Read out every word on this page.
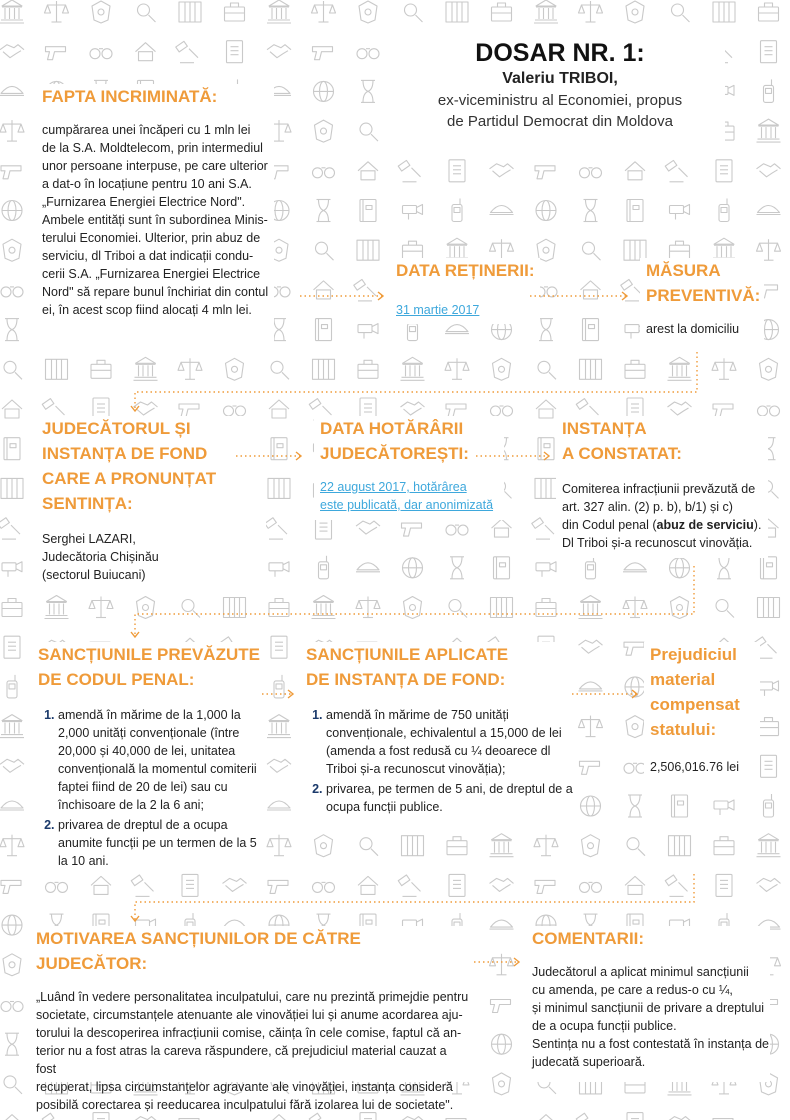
DOSAR NR. 1:
Valeriu TRIBOI,
ex-viceministru al Economiei, propus
de Partidul Democrat din Moldova
FAPTA INCRIMINATĂ:
cumpărarea unei încăperi cu 1 mln lei
de la S.A. Moldtelecom, prin intermediul
unor persoane interpuse, pe care ulterior
a dat-o în locațiune pentru 10 ani S.A.
„Furnizarea Energiei Electrice Nord".
Ambele entități sunt în subordinea Minis-
terului Economiei. Ulterior, prin abuz de
serviciu, dl Triboi a dat indicații condu-
cerii S.A. „Furnizarea Energiei Electrice
Nord" să repare bunul închiriat din contul
ei, în acest scop fiind alocați 4 mln lei.
DATA REȚINERII:
31 martie 2017
MĂSURA
PREVENTIVĂ:
arest la domiciliu
JUDECĂTORUL ȘI
INSTANȚA DE FOND
CARE A PRONUNȚAT
SENTINȚA:
Serghei LAZARI,
Judecătoria Chișinău
(sectorul Buiucani)
DATA HOTĂRÂRII
JUDECĂTOREȘTI:
22 august 2017, hotărârea
este publicată, dar anonimizată
INSTANȚA
A CONSTATAT:
Comiterea infracțiunii prevăzută de
art. 327 alin. (2) p. b), b/1) și c)
din Codul penal (abuz de serviciu).
Dl Triboi și-a recunoscut vinovăția.
SANCȚIUNILE PREVĂZUTE
DE CODUL PENAL:
1. amendă în mărime de la 1,000 la 2,000 unități convenționale (între 20,000 și 40,000 de lei, unitatea convențională la momentul comiterii faptei fiind de 20 de lei) sau cu închisoare de la 2 la 6 ani;
2. privarea de dreptul de a ocupa anumite funcții pe un termen de la 5 la 10 ani.
SANCȚIUNILE APLICATE
DE INSTANȚA DE FOND:
1. amendă în mărime de 750 unități convenționale, echivalentul a 15,000 de lei (amenda a fost redusă cu ¼ deoarece dl Triboi și-a recunoscut vinovăția);
2. privarea, pe termen de 5 ani, de dreptul de a ocupa funcții publice.
Prejudiciul
material
compensat
statului:
2,506,016.76 lei
MOTIVAREA SANCȚIUNILOR DE CĂTRE JUDECĂTOR:
„Luând în vedere personalitatea inculpatului, care nu prezintă primejdie pentru
societate, circumstanțele atenuante ale vinovăției lui și anume acordarea aju-
torului la descoperirea infracțiunii comise, căința în cele comise, faptul că an-
terior nu a fost atras la careva răspundere, că prejudiciul material cauzat a fost
recuperat, lipsa circumstanțelor agravante ale vinovăției, instanța consideră
posibilă corectarea și reeducarea inculpatului fără izolarea lui de societate".
COMENTARII:
Judecătorul a aplicat minimul sancțiunii
cu amenda, pe care a redus-o cu ¼,
și minimul sancțiunii de privare a dreptului
de a ocupa funcții publice.
Sentința nu a fost contestată în instanța de
judecată superioară.
